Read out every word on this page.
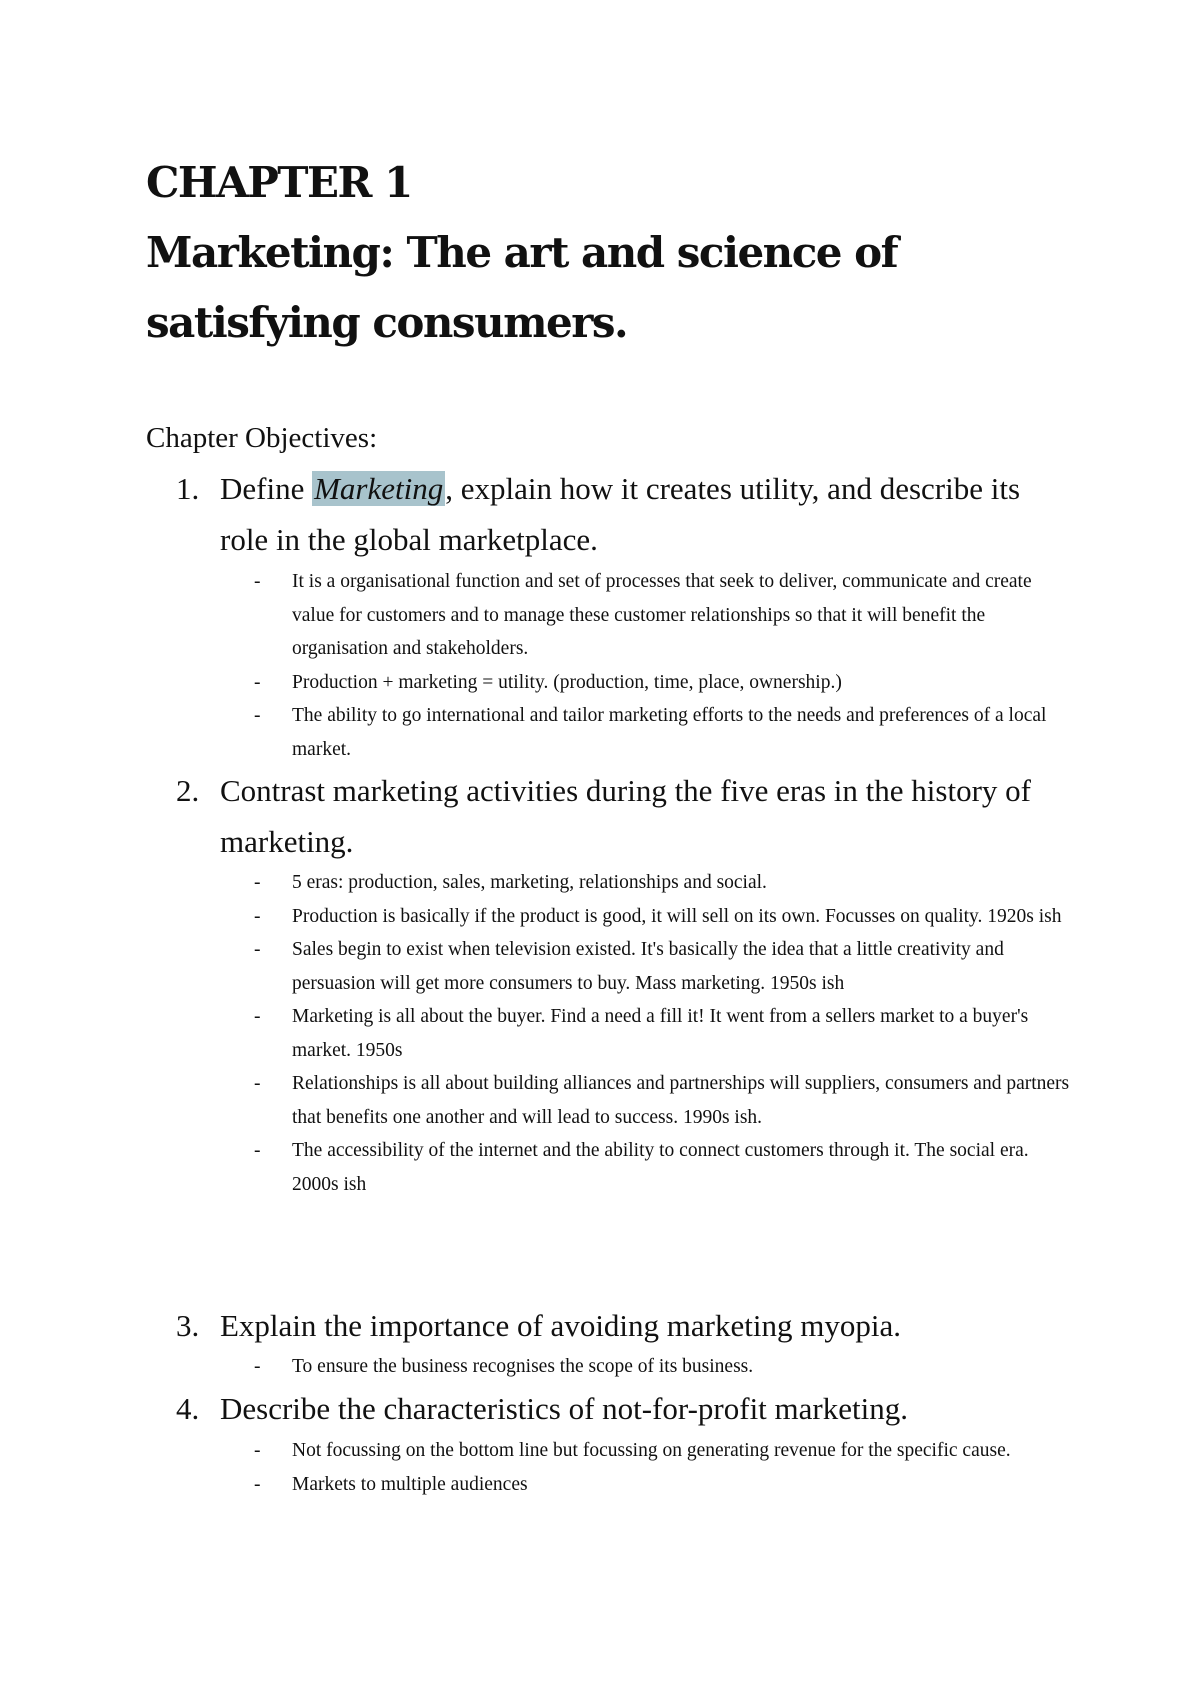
CHAPTER 1
Marketing: The art and science of
satisfying consumers.
Chapter Objectives:
1. Define Marketing, explain how it creates utility, and describe its role in the global marketplace.
- It is a organisational function and set of processes that seek to deliver, communicate and create value for customers and to manage these customer relationships so that it will benefit the organisation and stakeholders.
- Production + marketing = utility. (production, time, place, ownership.)
- The ability to go international and tailor marketing efforts to the needs and preferences of a local market.
2. Contrast marketing activities during the five eras in the history of marketing.
- 5 eras: production, sales, marketing, relationships and social.
- Production is basically if the product is good, it will sell on its own. Focusses on quality. 1920s ish
- Sales begin to exist when television existed. It's basically the idea that a little creativity and persuasion will get more consumers to buy. Mass marketing. 1950s ish
- Marketing is all about the buyer. Find a need a fill it! It went from a sellers market to a buyer's market. 1950s
- Relationships is all about building alliances and partnerships will suppliers, consumers and partners that benefits one another and will lead to success. 1990s ish.
- The accessibility of the internet and the ability to connect customers through it. The social era. 2000s ish
3. Explain the importance of avoiding marketing myopia.
- To ensure the business recognises the scope of its business.
4. Describe the characteristics of not-for-profit marketing.
- Not focussing on the bottom line but focussing on generating revenue for the specific cause.
- Markets to multiple audiences
